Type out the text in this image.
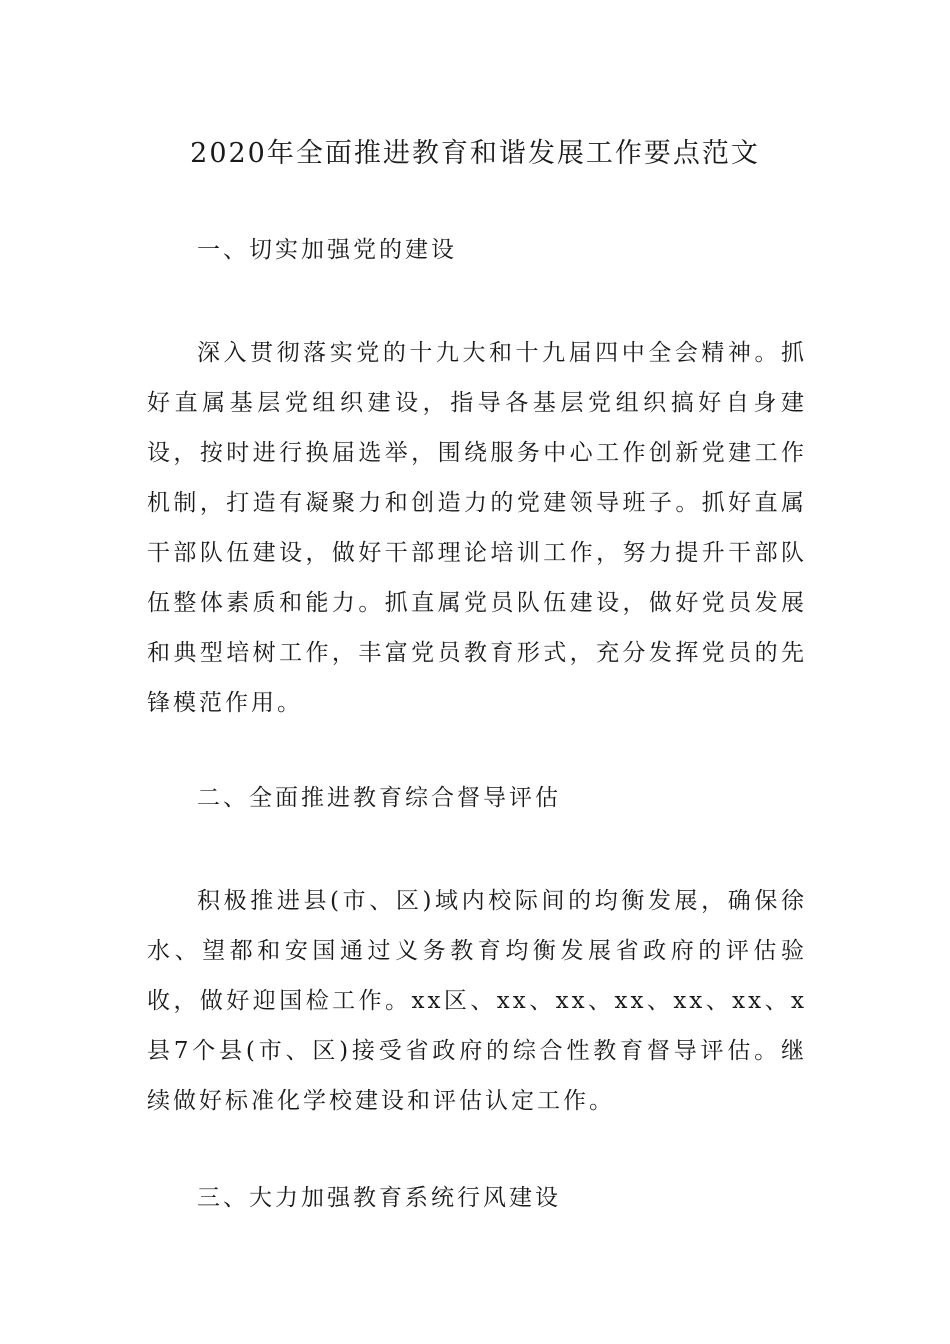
2020年全面推进教育和谐发展工作要点范文
一、切实加强党的建设

深入贯彻落实党的十九大和十九届四中全会精神。抓好直属基层党组织建设，指导各基层党组织搞好自身建设，按时进行换届选举，围绕服务中心工作创新党建工作机制，打造有凝聚力和创造力的党建领导班子。抓好直属干部队伍建设，做好干部理论培训工作，努力提升干部队伍整体素质和能力。抓直属党员队伍建设，做好党员发展和典型培树工作，丰富党员教育形式，充分发挥党员的先锋模范作用。

二、全面推进教育综合督导评估

积极推进县(市、区)域内校际间的均衡发展，确保徐水、望都和安国通过义务教育均衡发展省政府的评估验收，做好迎国检工作。xx区、xx、xx、xx、xx、xx、x县7个县(市、区)接受省政府的综合性教育督导评估。继续做好标准化学校建设和评估认定工作。

三、大力加强教育系统行风建设
